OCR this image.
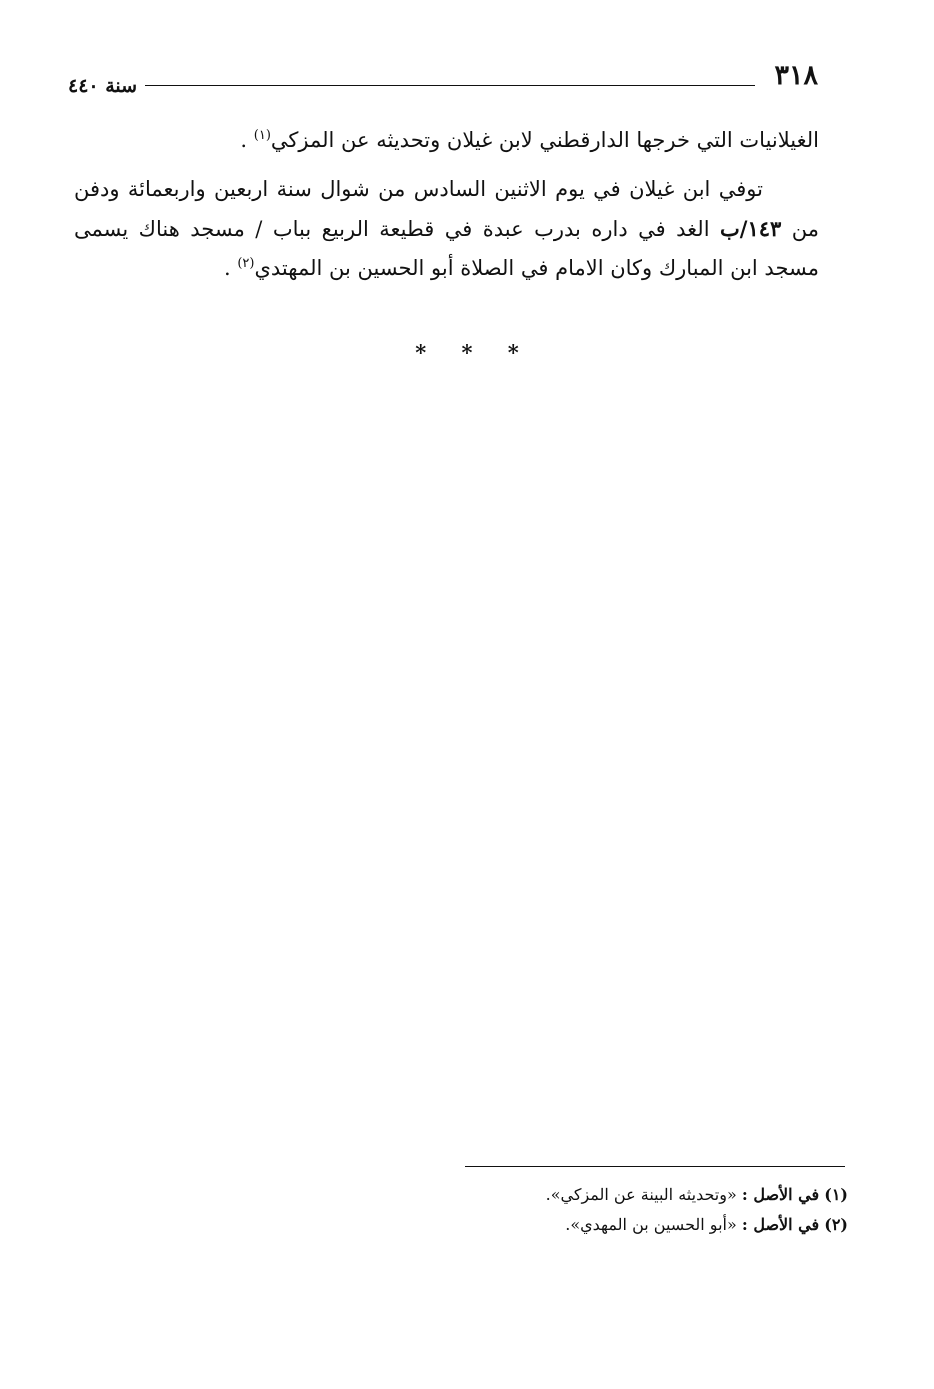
٣١٨
سنة ٤٤٠

الغيلانيات التي خرجها الدارقطني لابن غيلان وتحديثه عن المزكي$^{(١)}$ .

توفي ابن غيلان في يوم الاثنين السادس من شوال سنة اربعين واربعمائة ودفن من ١٤٣/ب الغد في داره بدرب عبدة في قطيعة الربيع بباب / مسجد هناك يسمى مسجد ابن المبارك وكان الامام في الصلاة أبو الحسين بن المهتدي$^{(٢)}$ .

* * *

(١) في الأصل : «وتحديثه البينة عن المزكي».

(٢) في الأصل : «أبو الحسين بن المهدي».
